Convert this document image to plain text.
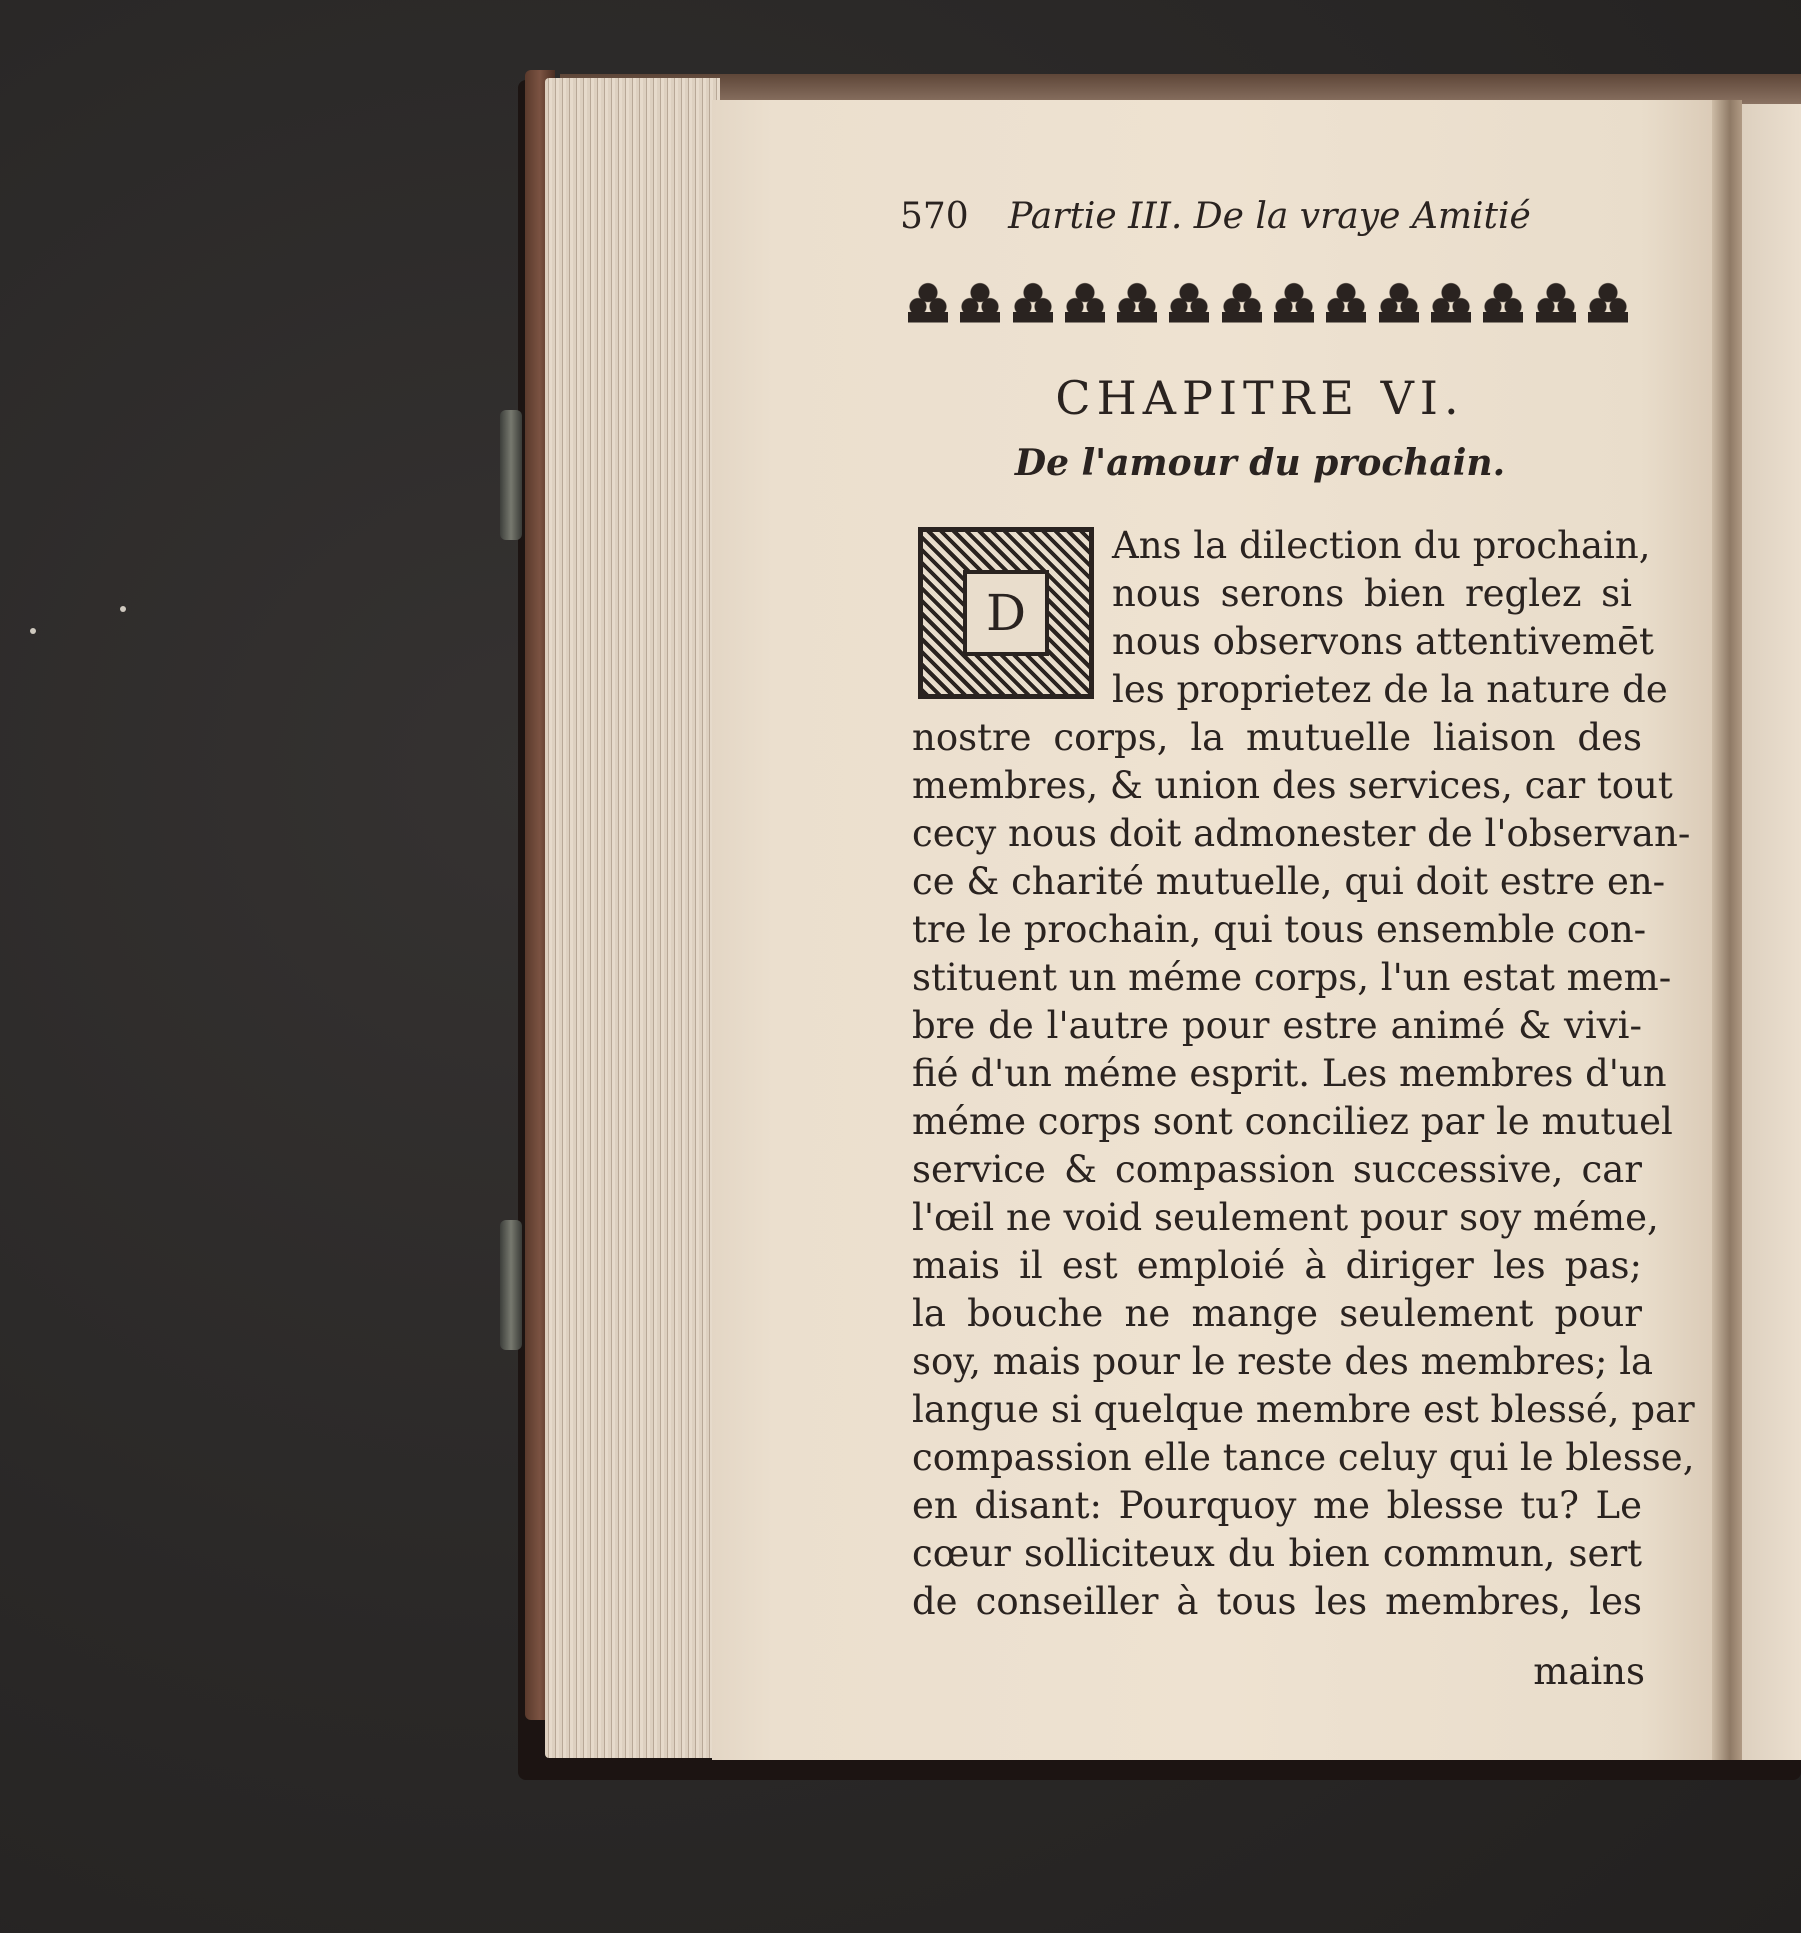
570 Partie III. De la vraye Amitié
CHAPITRE VI.
De l'amour du prochain.
D
Ans la dilection du prochain,
nous serons bien reglez si
nous observons attentivemēt
les proprietez de la nature de
nostre corps, la mutuelle liaison des
membres, & union des services, car tout
cecy nous doit admonester de l'observan-
ce & charité mutuelle, qui doit estre en-
tre le prochain, qui tous ensemble con-
stituent un méme corps, l'un estat mem-
bre de l'autre pour estre animé & vivi-
fié d'un méme esprit. Les membres d'un
méme corps sont conciliez par le mutuel
service & compassion successive, car
l'œil ne void seulement pour soy méme,
mais il est emploié à diriger les pas;
la bouche ne mange seulement pour
soy, mais pour le reste des membres; la
langue si quelque membre est blessé, par
compassion elle tance celuy qui le blesse,
en disant: Pourquoy me blesse tu? Le
cœur solliciteux du bien commun, sert
de conseiller à tous les membres, les
mains
